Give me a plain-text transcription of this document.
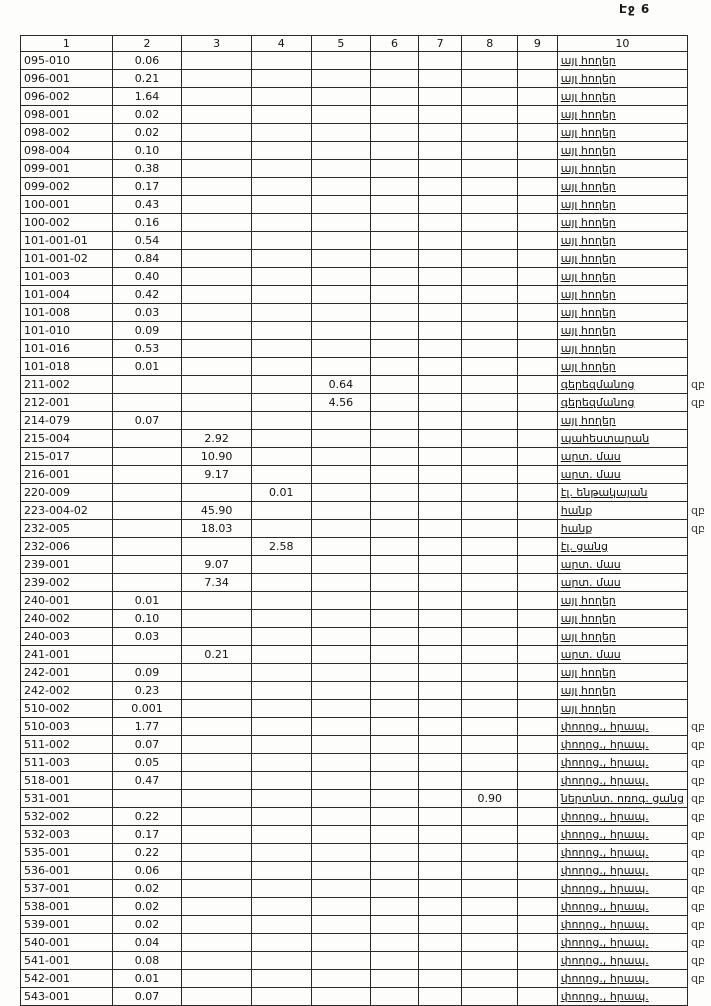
Էջ 6
1	2	3	4	5	6	7	8	9	10	
095-010	0.06								այլ հողեր	
096-001	0.21								այլ հողեր	
096-002	1.64								այլ հողեր	
098-001	0.02								այլ հողեր	
098-002	0.02								այլ հողեր	
098-004	0.10								այլ հողեր	
099-001	0.38								այլ հողեր	
099-002	0.17								այլ հողեր	
100-001	0.43								այլ հողեր	
100-002	0.16								այլ հողեր	
101-001-01	0.54								այլ հողեր	
101-001-02	0.84								այլ հողեր	
101-003	0.40								այլ հողեր	
101-004	0.42								այլ հողեր	
101-008	0.03								այլ հողեր	
101-010	0.09								այլ հողեր	
101-016	0.53								այլ հողեր	
101-018	0.01								այլ հողեր	
211-002				0.64					գերեզմանոց	զբ
212-001				4.56					գերեզմանոց	զբ
214-079	0.07								այլ հողեր	
215-004		2.92							պահեստարան	
215-017		10.90							արտ. մաս	
216-001		9.17							արտ. մաս	
220-009			0.01						էլ. ենթակայան	
223-004-02		45.90							հանք	զբ
232-005		18.03							հանք	զբ
232-006			2.58						էլ. ցանց	
239-001		9.07							արտ. մաս	
239-002		7.34							արտ. մաս	
240-001	0.01								այլ հողեր	
240-002	0.10								այլ հողեր	
240-003	0.03								այլ հողեր	
241-001		0.21							արտ. մաս	
242-001	0.09								այլ հողեր	
242-002	0.23								այլ հողեր	
510-002	0.001								այլ հողեր	
510-003	1.77								փողոց., հրապ.	զբ
511-002	0.07								փողոց., հրապ.	զբ
511-003	0.05								փողոց., հրապ.	զբ
518-001	0.47								փողոց., հրապ.	զբ
531-001							0.90		ներտնտ. ոռոգ. ցանց	զբ
532-002	0.22								փողոց., հրապ.	զբ
532-003	0.17								փողոց., հրապ.	զբ
535-001	0.22								փողոց., հրապ.	զբ
536-001	0.06								փողոց., հրապ.	զբ
537-001	0.02								փողոց., հրապ.	զբ
538-001	0.02								փողոց., հրապ.	զբ
539-001	0.02								փողոց., հրապ.	զբ
540-001	0.04								փողոց., հրապ.	զբ
541-001	0.08								փողոց., հրապ.	զբ
542-001	0.01								փողոց., հրապ.	զբ
543-001	0.07								փողոց., հրապ.	
